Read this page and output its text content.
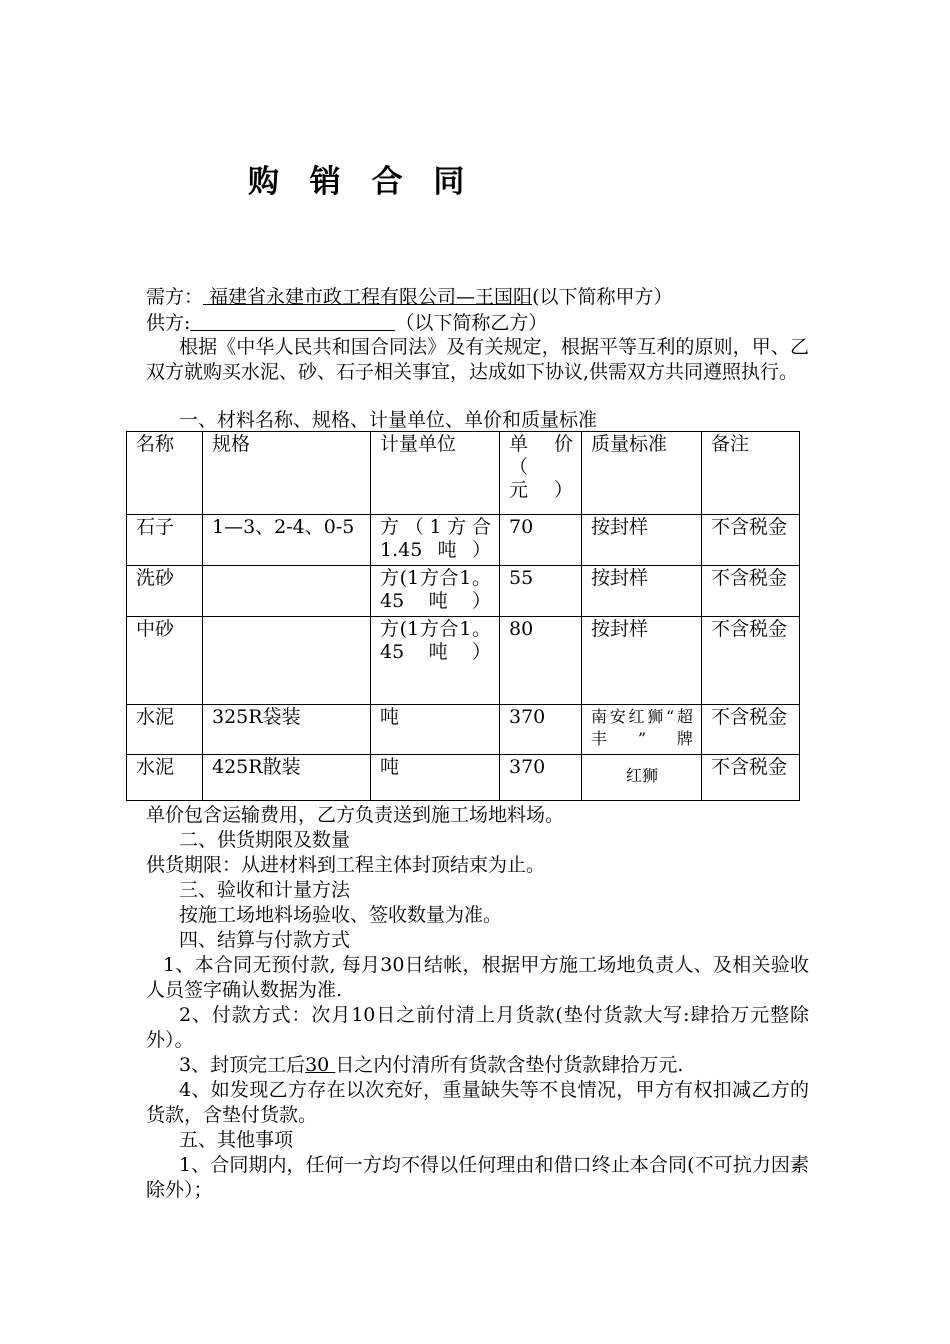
购 销 合 同
需方： 福建省永建市政工程有限公司—王国阳(以下简称甲方）
供方:	（以下简称乙方）
根据《中华人民共和国合同法》及有关规定，根据平等互利的原则，甲、乙双方就购买水泥、砂、石子相关事宜，达成如下协议,供需双方共同遵照执行。
一、材料名称、规格、计量单位、单价和质量标准
名称	规格	计量单位	单　价（　元）	质量标准	备注
石子	1—3、2-4、0-5	方（1方合1.45吨）	70	按封样	不含税金
洗砂		方(1方合1。45吨）	55	按封样	不含税金
中砂		方(1方合1。45吨）	80	按封样	不含税金
水泥	325R袋装	吨	370	南安红狮“超丰”牌	不含税金
水泥	425R散装	吨	370	红狮	不含税金
单价包含运输费用，乙方负责送到施工场地料场。
二、供货期限及数量
供货期限：从进材料到工程主体封顶结束为止。
三、验收和计量方法
按施工场地料场验收、签收数量为准。
四、结算与付款方式
1、本合同无预付款, 每月30日结帐，根据甲方施工场地负责人、及相关验收人员签字确认数据为准.
2、付款方式：次月10日之前付清上月货款(垫付货款大写:肆拾万元整除外）。
3、封顶完工后30 日之内付清所有货款含垫付货款肆拾万元.
4、如发现乙方存在以次充好，重量缺失等不良情况，甲方有权扣减乙方的货款，含垫付货款。
五、其他事项
1、合同期内，任何一方均不得以任何理由和借口终止本合同(不可抗力因素除外）；
